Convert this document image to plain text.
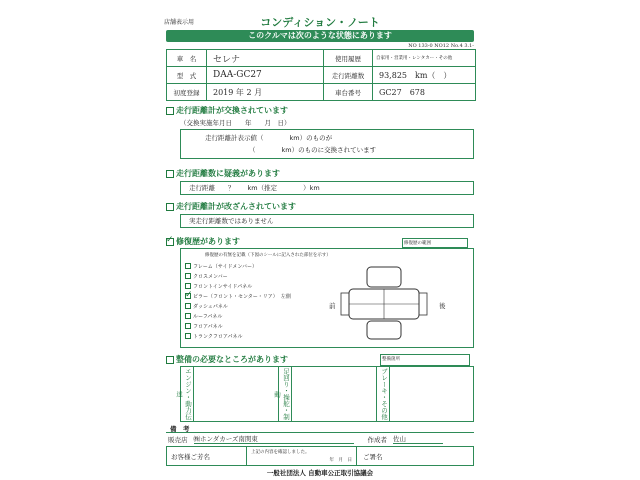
店舗表示用	コンディション・ノート
このクルマは次のような状態にあります
NO 133-0 NO12 No.4 3.1-
車　名	セレナ	使用履歴	自家用・営業用・レンタカー・その他
型　式	DAA-GC27	走行距離数	93,825　km（　）
初度登録	2019 年 2 月	車台番号	GC27　678
走行距離計が交換されています
（交換実施年月日　　年　　月　日）
走行距離計表示値（　　　　km）のものが
（　　　　km）のものに交換されています
走行距離数に疑義があります
走行距離　　？　　km（推定　　　　）km
走行距離計が改ざんされています
実走行距離数ではありません
✓
修復歴があります
修復歴の有無を記載（下図のシールに記入された部位を示す）
フレーム（サイドメンバー）
クロスメンバー
フロントインサイドパネル
✓
ピラー（フロント・センター・リア） 左側
ダッシュパネル
ルーフパネル
フロアパネル
トランクフロアパネル
前	後
修復歴の範囲
整備の必要なところがあります	整備箇所
エンジン・動力伝達	足回り・操舵・制動	ブレーキ・その他
備　考
販売店 ㈱ホンダカーズ南関東	作成者 佐山
お客様ご芳名	上記の内容を確認しました。
年　月　日	ご署名
一般社団法人 自動車公正取引協議会
